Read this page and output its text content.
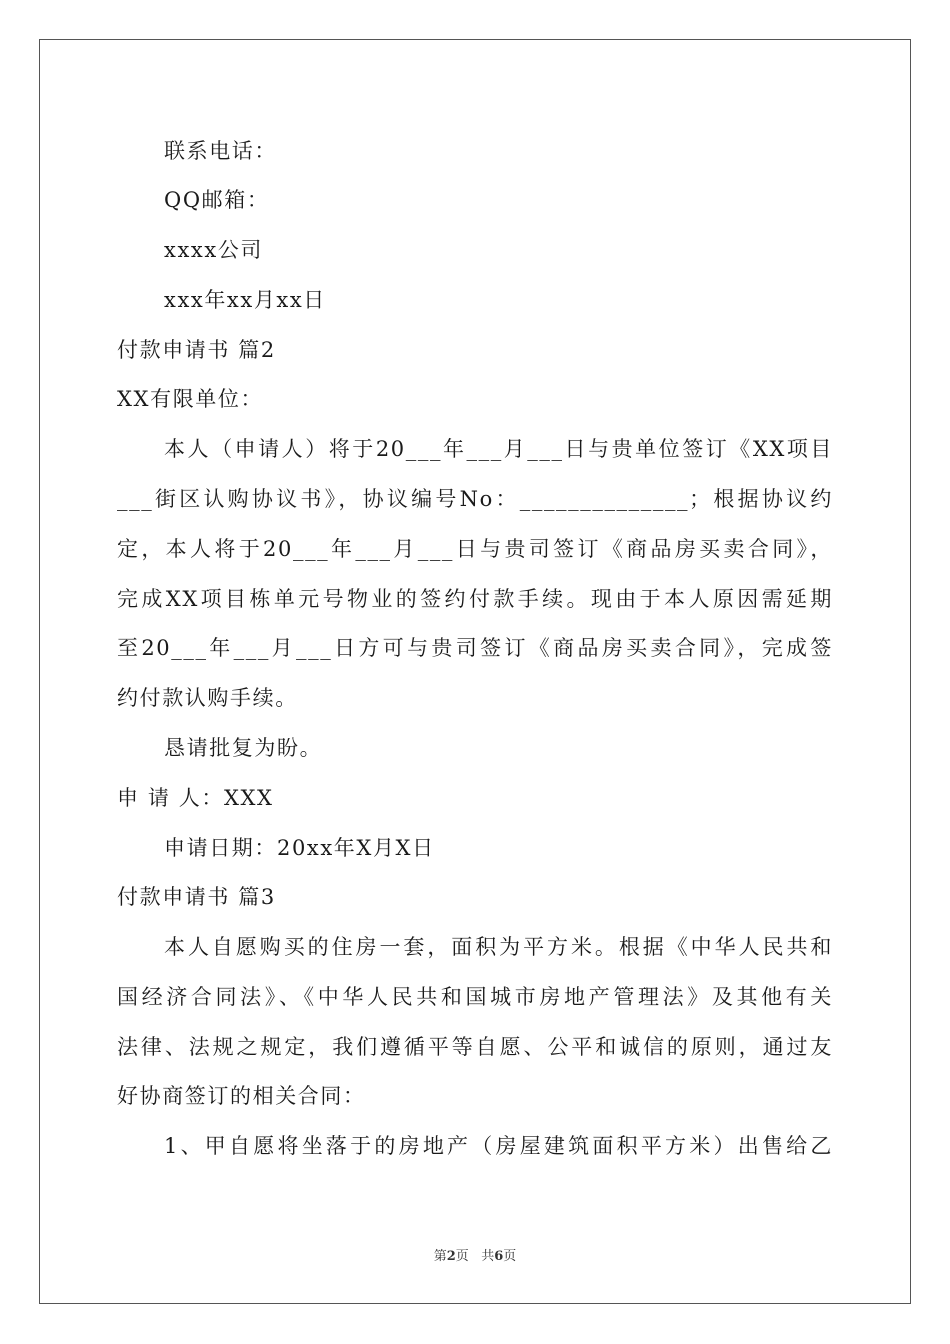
联系电话：
QQ邮箱：
xxxx公司
xxx年xx月xx日
付款申请书 篇2
XX有限单位：
本人（申请人）将于20___年___月___日与贵单位签订《XX项目
___街区认购协议书》，协议编号No：______________；根据协议约
定，本人将于20___年___月___日与贵司签订《商品房买卖合同》，
完成XX项目栋单元号物业的签约付款手续。现由于本人原因需延期
至20___年___月___日方可与贵司签订《商品房买卖合同》，完成签
约付款认购手续。
恳请批复为盼。
申 请 人：XXX
申请日期：20xx年X月X日
付款申请书 篇3
本人自愿购买的住房一套，面积为平方米。根据《中华人民共和
国经济合同法》、《中华人民共和国城市房地产管理法》及其他有关
法律、法规之规定，我们遵循平等自愿、公平和诚信的原则，通过友
好协商签订的相关合同：
1、甲自愿将坐落于的房地产（房屋建筑面积平方米）出售给乙
第2页 共6页
